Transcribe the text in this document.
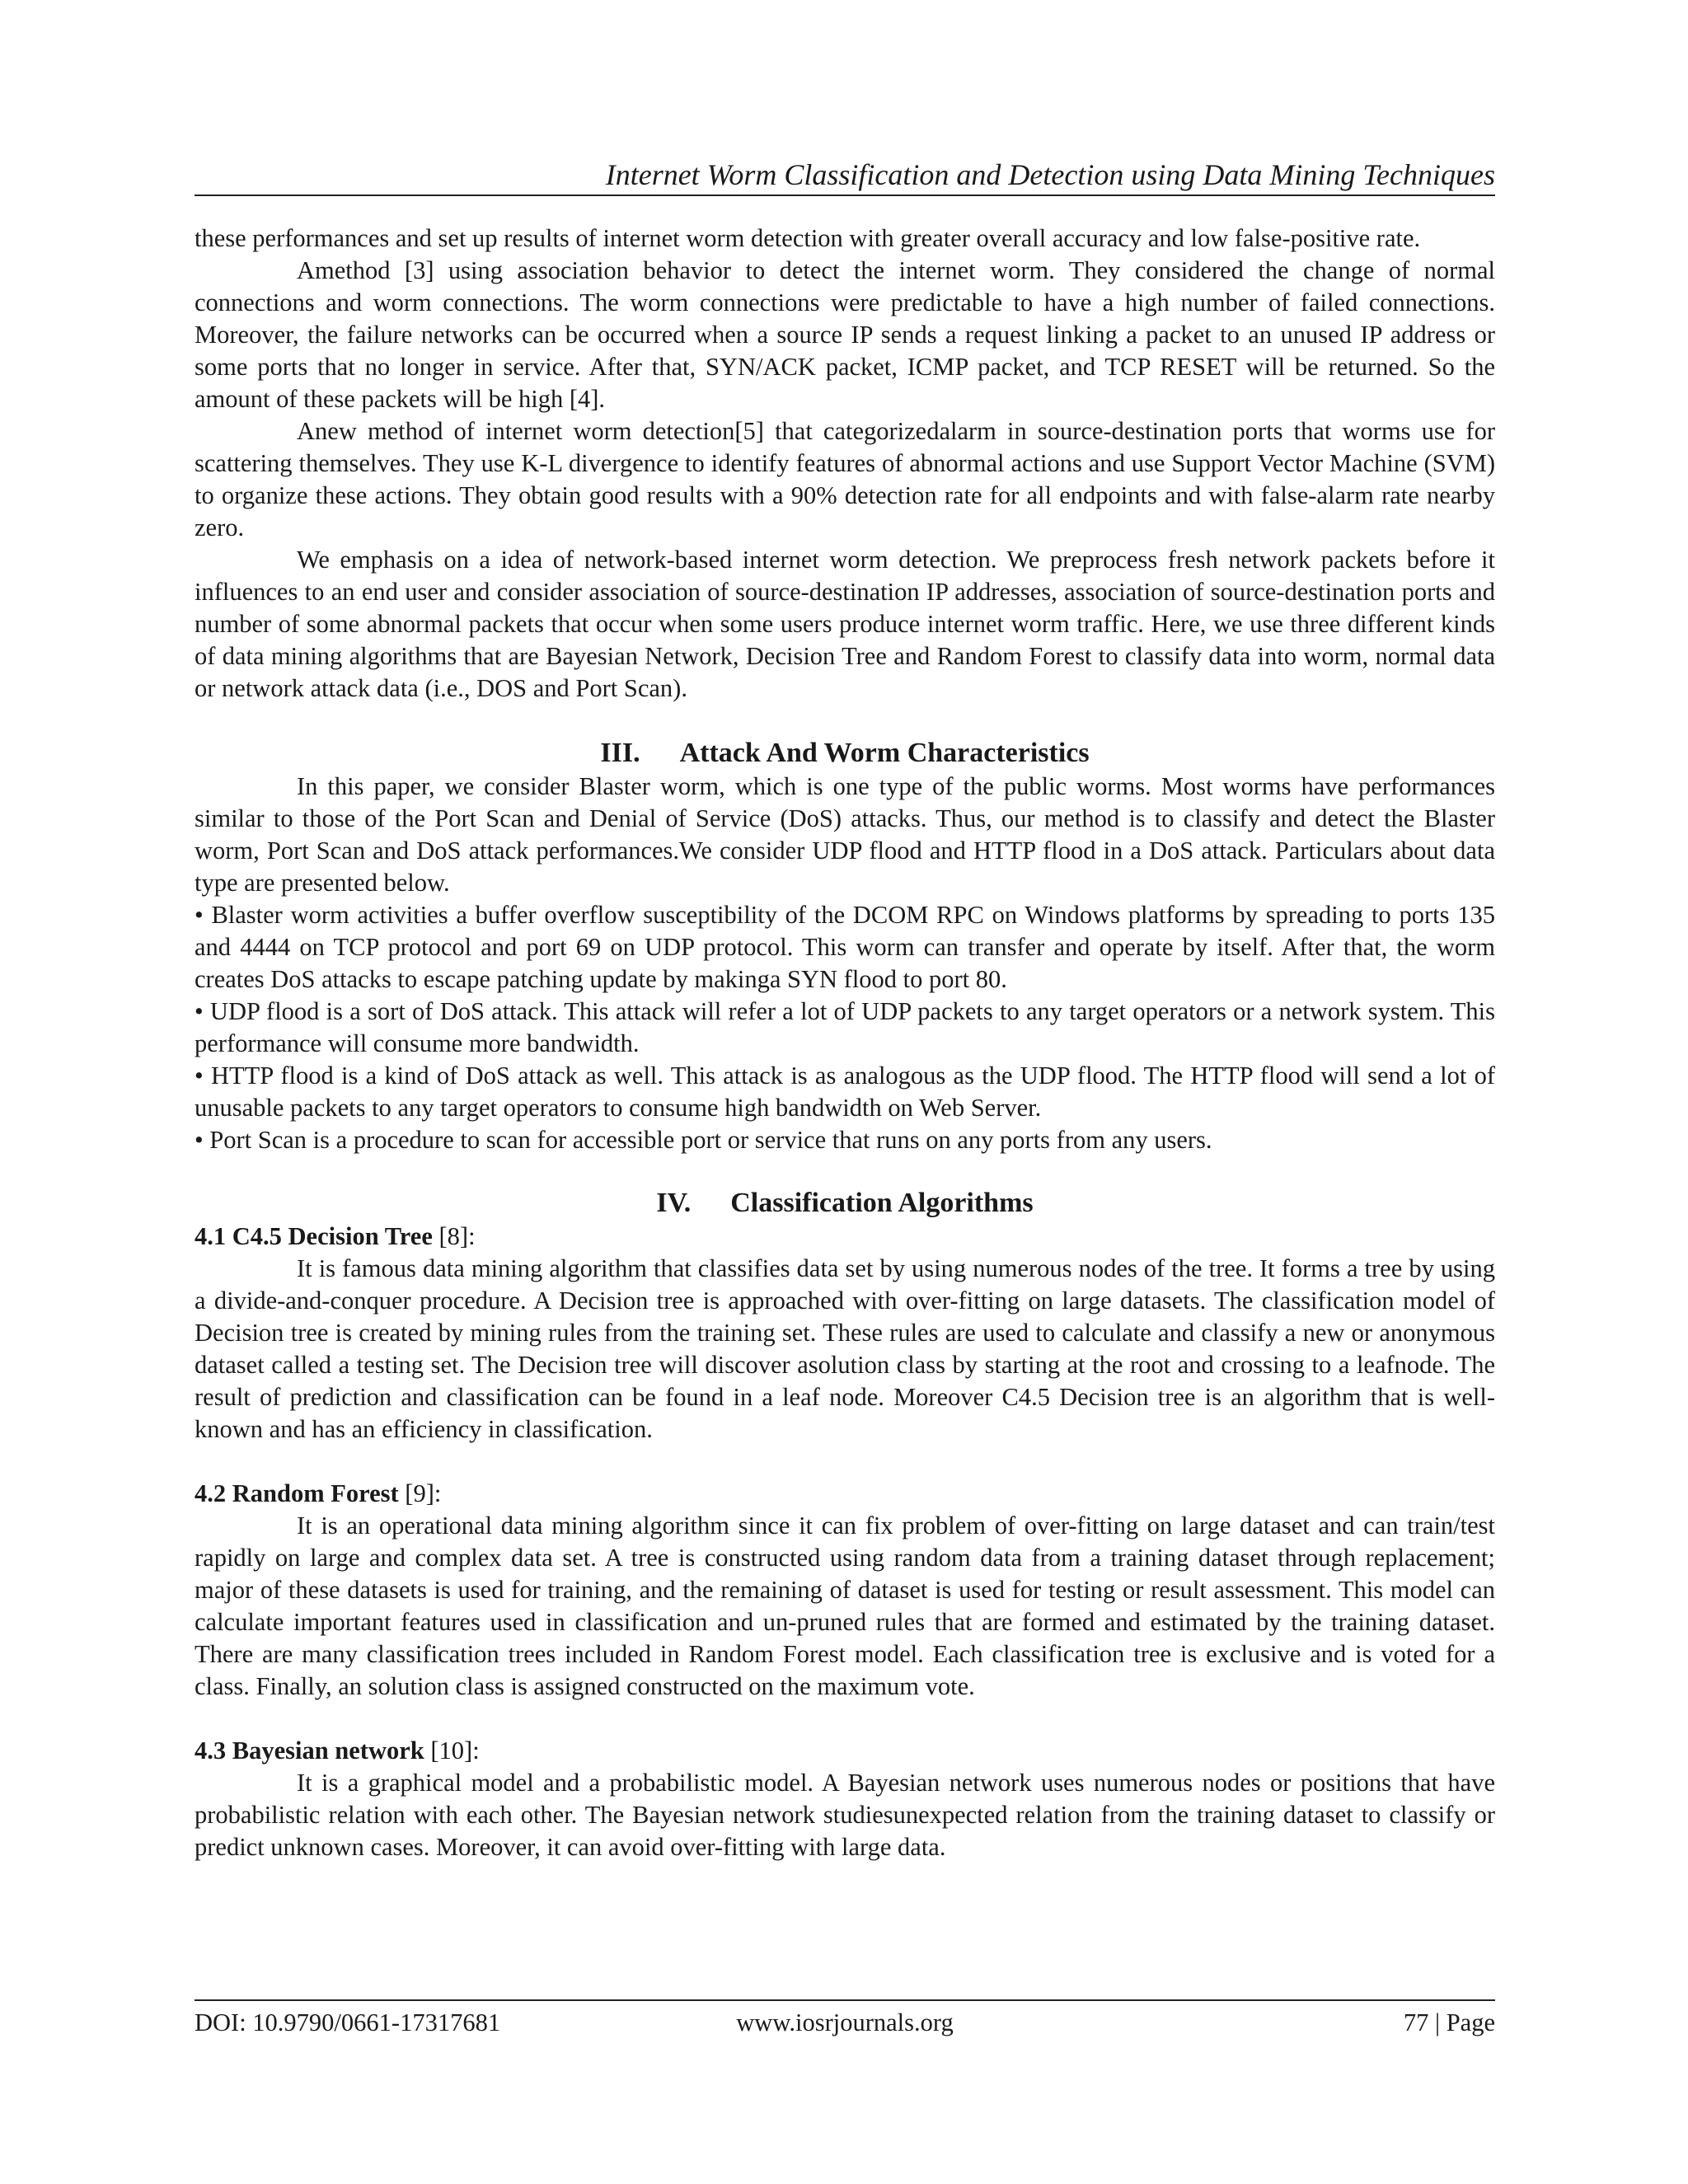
Internet Worm Classification and Detection using Data Mining Techniques

these performances and set up results of internet worm detection with greater overall accuracy and low false-positive rate.

Amethod [3] using association behavior to detect the internet worm. They considered the change of normal connections and worm connections. The worm connections were predictable to have a high number of failed connections. Moreover, the failure networks can be occurred when a source IP sends a request linking a packet to an unused IP address or some ports that no longer in service. After that, SYN/ACK packet, ICMP packet, and TCP RESET will be returned. So the amount of these packets will be high [4].

Anew method of internet worm detection[5] that categorizedalarm in source-destination ports that worms use for scattering themselves. They use K-L divergence to identify features of abnormal actions and use Support Vector Machine (SVM) to organize these actions. They obtain good results with a 90% detection rate for all endpoints and with false-alarm rate nearby zero.

We emphasis on a idea of network-based internet worm detection. We preprocess fresh network packets before it influences to an end user and consider association of source-destination IP addresses, association of source-destination ports and number of some abnormal packets that occur when some users produce internet worm traffic. Here, we use three different kinds of data mining algorithms that are Bayesian Network, Decision Tree and Random Forest to classify data into worm, normal data or network attack data (i.e., DOS and Port Scan).

III. Attack And Worm Characteristics

In this paper, we consider Blaster worm, which is one type of the public worms. Most worms have performances similar to those of the Port Scan and Denial of Service (DoS) attacks. Thus, our method is to classify and detect the Blaster worm, Port Scan and DoS attack performances.We consider UDP flood and HTTP flood in a DoS attack. Particulars about data type are presented below.

• Blaster worm activities a buffer overflow susceptibility of the DCOM RPC on Windows platforms by spreading to ports 135 and 4444 on TCP protocol and port 69 on UDP protocol. This worm can transfer and operate by itself. After that, the worm creates DoS attacks to escape patching update by makinga SYN flood to port 80.

• UDP flood is a sort of DoS attack. This attack will refer a lot of UDP packets to any target operators or a network system. This performance will consume more bandwidth.

• HTTP flood is a kind of DoS attack as well. This attack is as analogous as the UDP flood. The HTTP flood will send a lot of unusable packets to any target operators to consume high bandwidth on Web Server.

• Port Scan is a procedure to scan for accessible port or service that runs on any ports from any users.

IV. Classification Algorithms

4.1 C4.5 Decision Tree [8]:

It is famous data mining algorithm that classifies data set by using numerous nodes of the tree. It forms a tree by using a divide-and-conquer procedure. A Decision tree is approached with over-fitting on large datasets. The classification model of Decision tree is created by mining rules from the training set. These rules are used to calculate and classify a new or anonymous dataset called a testing set. The Decision tree will discover asolution class by starting at the root and crossing to a leafnode. The result of prediction and classification can be found in a leaf node. Moreover C4.5 Decision tree is an algorithm that is well-known and has an efficiency in classification.

4.2 Random Forest [9]:

It is an operational data mining algorithm since it can fix problem of over-fitting on large dataset and can train/test rapidly on large and complex data set. A tree is constructed using random data from a training dataset through replacement; major of these datasets is used for training, and the remaining of dataset is used for testing or result assessment. This model can calculate important features used in classification and un-pruned rules that are formed and estimated by the training dataset. There are many classification trees included in Random Forest model. Each classification tree is exclusive and is voted for a class. Finally, an solution class is assigned constructed on the maximum vote.

4.3 Bayesian network [10]:

It is a graphical model and a probabilistic model. A Bayesian network uses numerous nodes or positions that have probabilistic relation with each other. The Bayesian network studiesunexpected relation from the training dataset to classify or predict unknown cases. Moreover, it can avoid over-fitting with large data.

DOI: 10.9790/0661-17317681	www.iosrjournals.org	77 | Page
